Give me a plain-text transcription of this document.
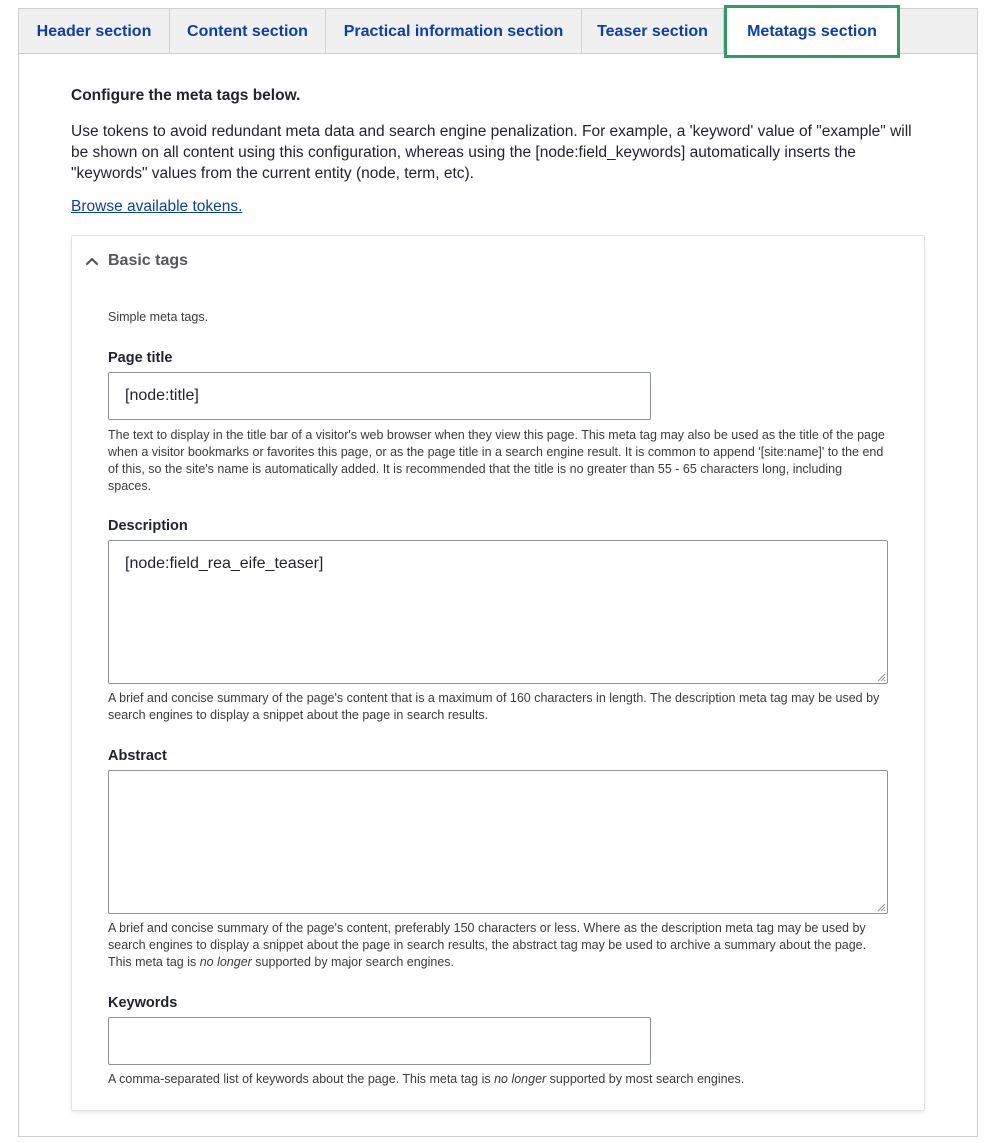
Header section	Content section	Practical information section	Teaser section	Metatags section

Configure the meta tags below.

Use tokens to avoid redundant meta data and search engine penalization. For example, a 'keyword' value of "example" will be shown on all content using this configuration, whereas using the [node:field_keywords] automatically inserts the "keywords" values from the current entity (node, term, etc).

Browse available tokens.
Basic tags
Simple meta tags.
Page title
[node:title]
The text to display in the title bar of a visitor's web browser when they view this page. This meta tag may also be used as the title of the page when a visitor bookmarks or favorites this page, or as the page title in a search engine result. It is common to append '[site:name]' to the end of this, so the site's name is automatically added. It is recommended that the title is no greater than 55 - 65 characters long, including spaces.
Description
[node:field_rea_eife_teaser]
A brief and concise summary of the page's content that is a maximum of 160 characters in length. The description meta tag may be used by search engines to display a snippet about the page in search results.
Abstract
A brief and concise summary of the page's content, preferably 150 characters or less. Where as the description meta tag may be used by search engines to display a snippet about the page in search results, the abstract tag may be used to archive a summary about the page. This meta tag is no longer supported by major search engines.
Keywords
A comma-separated list of keywords about the page. This meta tag is no longer supported by most search engines.
